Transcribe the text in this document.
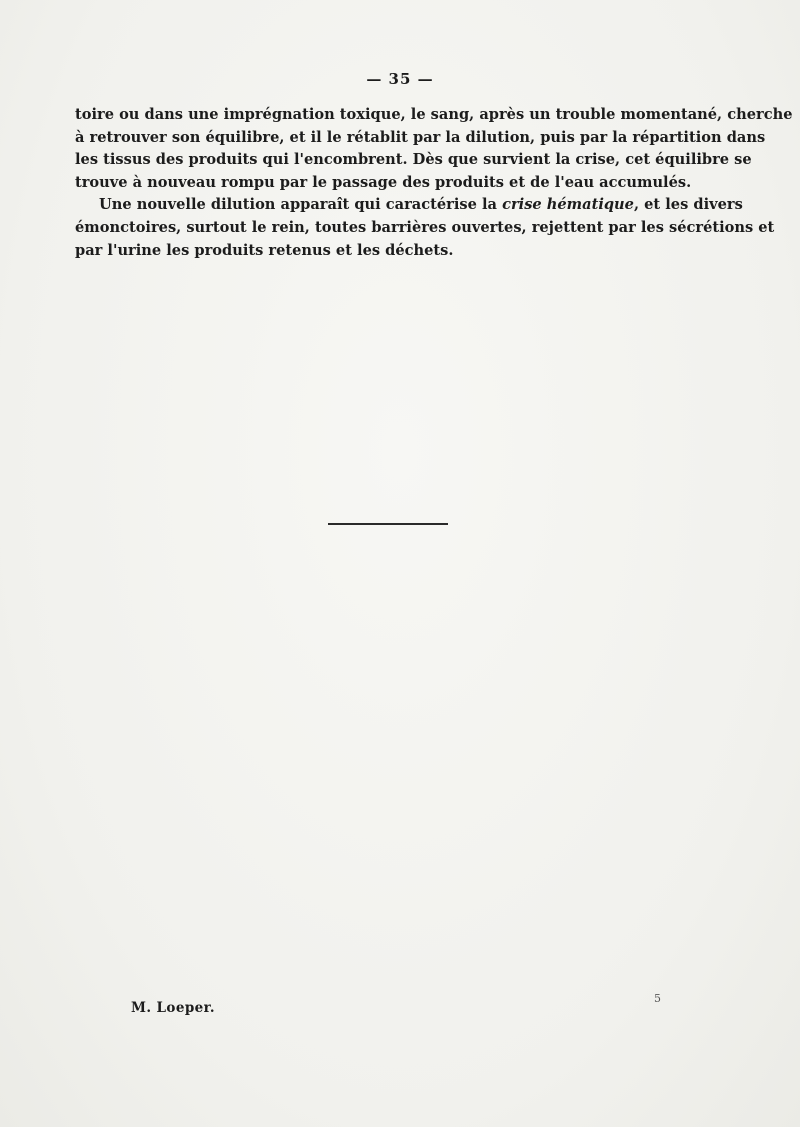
— 35 —
toire ou dans une imprégnation toxique, le sang, après un trouble momentané, cherche
à retrouver son équilibre, et il le rétablit par la dilution, puis par la répartition dans
les tissus des produits qui l'encombrent. Dès que survient la crise, cet équilibre se
trouve à nouveau rompu par le passage des produits et de l'eau accumulés.
Une nouvelle dilution apparaît qui caractérise la crise hématique, et les divers
émonctoires, surtout le rein, toutes barrières ouvertes, rejettent par les sécrétions et
par l'urine les produits retenus et les déchets.
M. Loeper.
5
